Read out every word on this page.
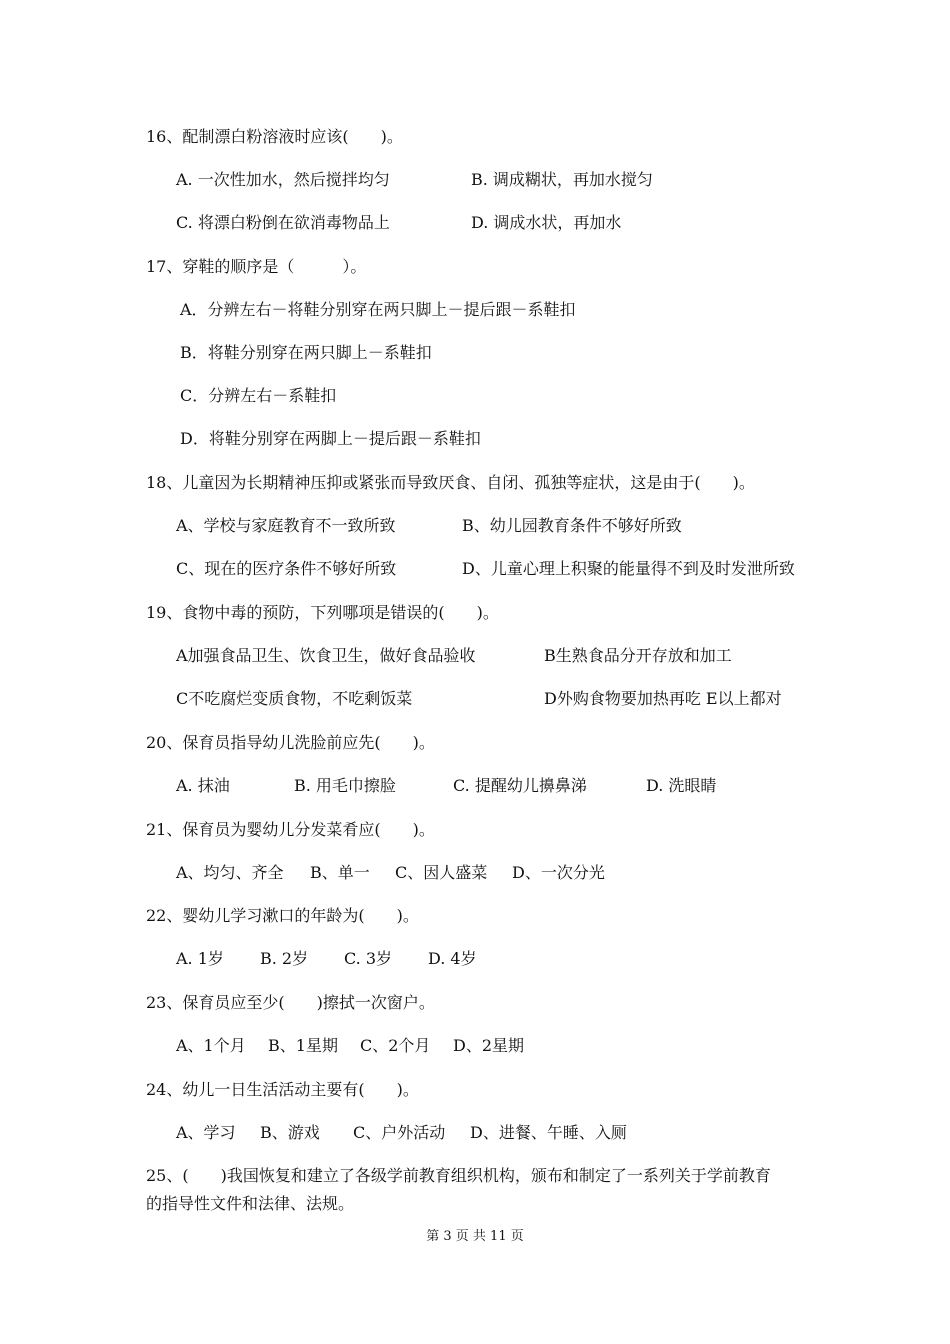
16、配制漂白粉溶液时应该(　　)。
A. 一次性加水，然后搅拌均匀	B. 调成糊状，再加水搅匀
C. 将漂白粉倒在欲消毒物品上	D. 调成水状，再加水
17、穿鞋的顺序是（　　　）。
A．分辨左右－将鞋分别穿在两只脚上－提后跟－系鞋扣
B．将鞋分别穿在两只脚上－系鞋扣
C．分辨左右－系鞋扣
D．将鞋分别穿在两脚上－提后跟－系鞋扣
18、儿童因为长期精神压抑或紧张而导致厌食、自闭、孤独等症状，这是由于(　　)。
A、学校与家庭教育不一致所致	B、幼儿园教育条件不够好所致
C、现在的医疗条件不够好所致	D、儿童心理上积聚的能量得不到及时发泄所致
19、食物中毒的预防，下列哪项是错误的(　　)。
A加强食品卫生、饮食卫生，做好食品验收	B生熟食品分开存放和加工
C不吃腐烂变质食物，不吃剩饭菜	D外购食物要加热再吃 E以上都对
20、保育员指导幼儿洗脸前应先(　　)。
A. 抹油	B. 用毛巾擦脸	C. 提醒幼儿擤鼻涕	D. 洗眼睛
21、保育员为婴幼儿分发菜肴应(　　)。
A、均匀、齐全 B、单一 C、因人盛菜 D、一次分光
22、婴幼儿学习漱口的年龄为(　　)。
A. 1岁 B. 2岁 C. 3岁 D. 4岁
23、保育员应至少(　　)擦拭一次窗户。
A、1个月 B、1星期 C、2个月 D、2星期
24、幼儿一日生活活动主要有(　　)。
A、学习 B、游戏 C、户外活动 D、进餐、午睡、入厕
25、(　　)我国恢复和建立了各级学前教育组织机构，颁布和制定了一系列关于学前教育
的指导性文件和法律、法规。
第 3 页 共 11 页
